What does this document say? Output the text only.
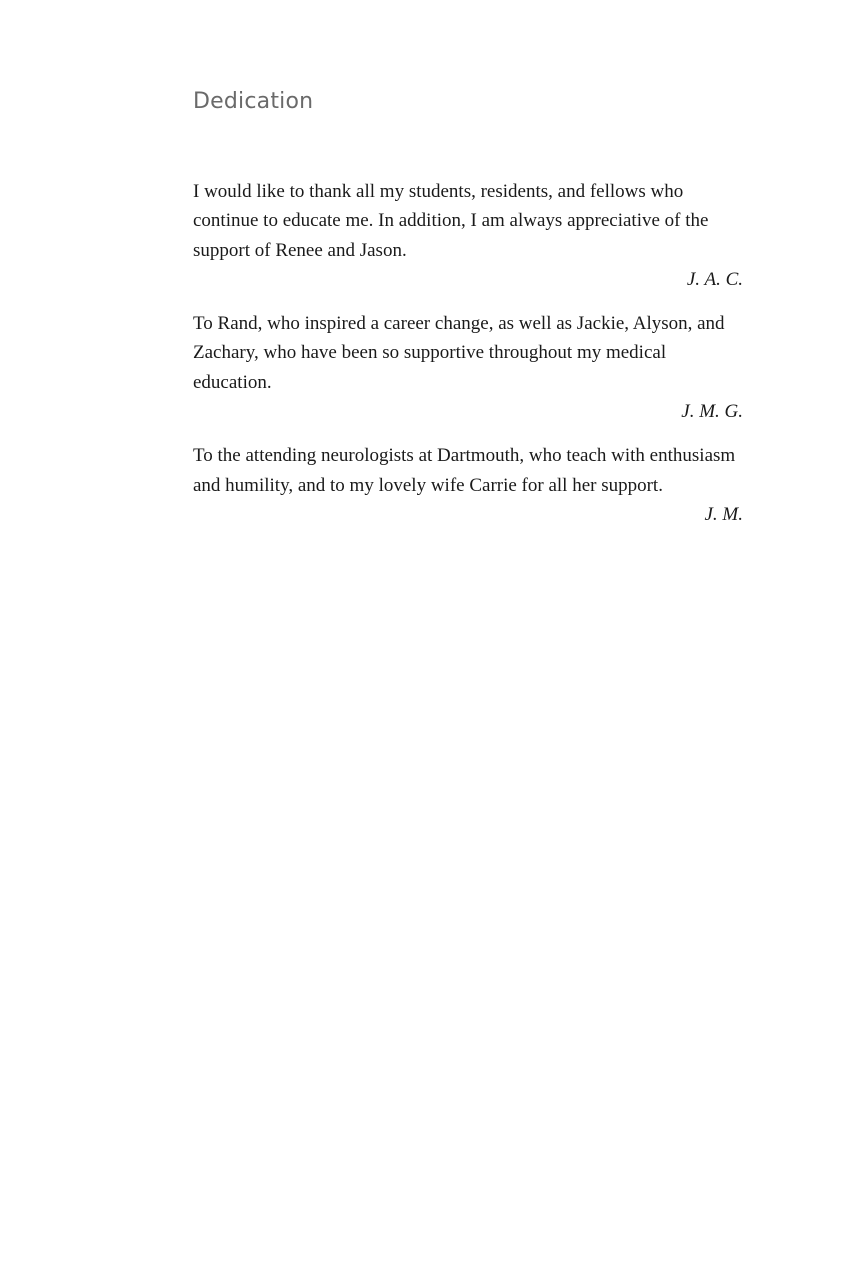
Dedication

I would like to thank all my students, residents, and fellows who continue to educate me. In addition, I am always appreciative of the support of Renee and Jason.

J. A. C.

To Rand, who inspired a career change, as well as Jackie, Alyson, and Zachary, who have been so supportive throughout my medical education.

J. M. G.

To the attending neurologists at Dartmouth, who teach with enthusiasm and humility, and to my lovely wife Carrie for all her support.

J. M.
